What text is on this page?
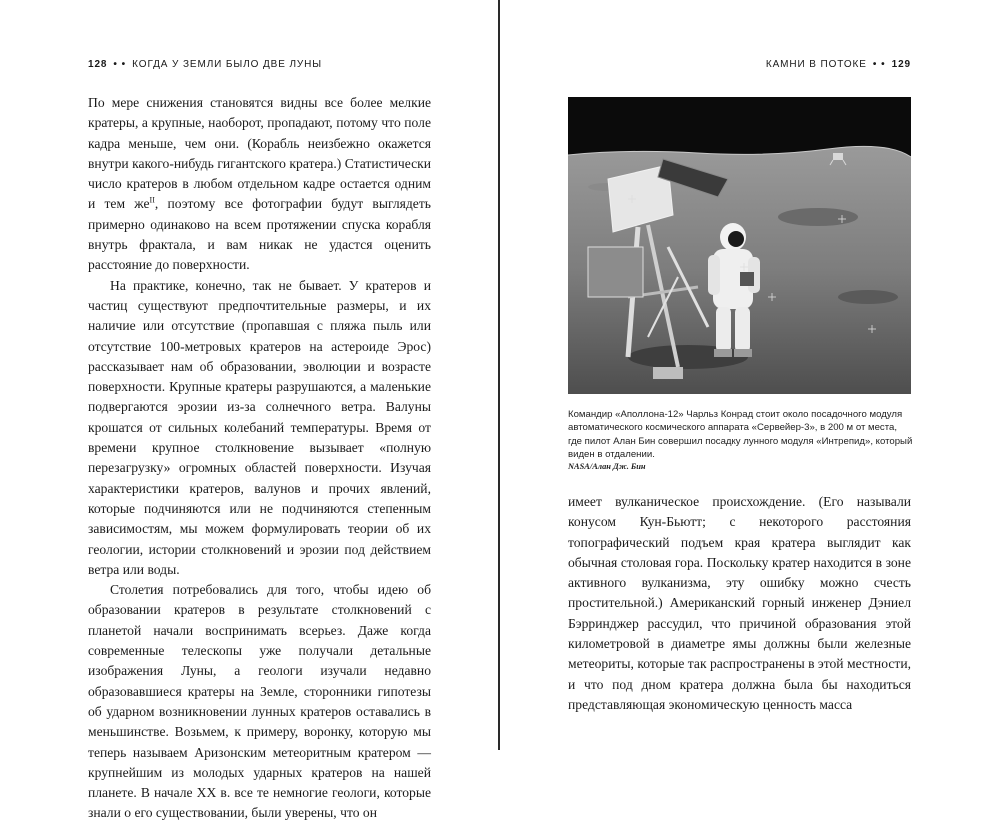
128 • • КОГДА У ЗЕМЛИ БЫЛО ДВЕ ЛУНЫ

По мере снижения становятся видны все более мелкие кратеры, а крупные, наоборот, пропадают, потому что поле кадра меньше, чем они. (Корабль неизбежно окажется внутри какого-нибудь гигантского кратера.) Статистически число кратеров в любом отдельном кадре остается одним и тем $же^{II}$, поэтому все фотографии будут выглядеть примерно одинаково на всем протяжении спуска корабля внутрь фрактала, и вам никак не удастся оценить расстояние до поверхности.

На практике, конечно, так не бывает. У кратеров и частиц существуют предпочтительные размеры, и их наличие или отсутствие (пропавшая с пляжа пыль или отсутствие 100-метровых кратеров на астероиде Эрос) рассказывает нам об образовании, эволюции и возрасте поверхности. Крупные кратеры разрушаются, а маленькие подвергаются эрозии из-за солнечного ветра. Валуны крошатся от сильных колебаний температуры. Время от времени крупное столкновение вызывает «полную перезагрузку» огромных областей поверхности. Изучая характеристики кратеров, валунов и прочих явлений, которые подчиняются или не подчиняются степенным зависимостям, мы можем формулировать теории об их геологии, истории столкновений и эрозии под действием ветра или воды.

Столетия потребовались для того, чтобы идею об образовании кратеров в результате столкновений с планетой начали воспринимать всерьез. Даже когда современные телескопы уже получали детальные изображения Луны, а геологи изучали недавно образовавшиеся кратеры на Земле, сторонники гипотезы об ударном возникновении лунных кратеров оставались в меньшинстве. Возьмем, к примеру, воронку, которую мы теперь называем Аризонским метеоритным кратером — крупнейшим из молодых ударных кратеров на нашей планете. В начале XX в. все те немногие геологи, которые знали о его существовании, были уверены, что он

КАМНИ В ПОТОКЕ • • 129
Командир «Аполлона-12» Чарльз Конрад стоит около посадочного модуля автоматического космического аппарата «Сервейер-3», в 200 м от места, где пилот Алан Бин совершил посадку лунного модуля «Интрепид», который виден в отдалении.
NASA/Алан Дж. Бин

имеет вулканическое происхождение. (Его называли конусом Кун-Бьютт; с некоторого расстояния топографический подъем края кратера выглядит как обычная столовая гора. Поскольку кратер находится в зоне активного вулканизма, эту ошибку можно счесть простительной.) Американский горный инженер Дэниел Бэрринджер рассудил, что причиной образования этой километровой в диаметре ямы должны были железные метеориты, которые так распространены в этой местности, и что под дном кратера должна была бы находиться представляющая экономическую ценность масса
